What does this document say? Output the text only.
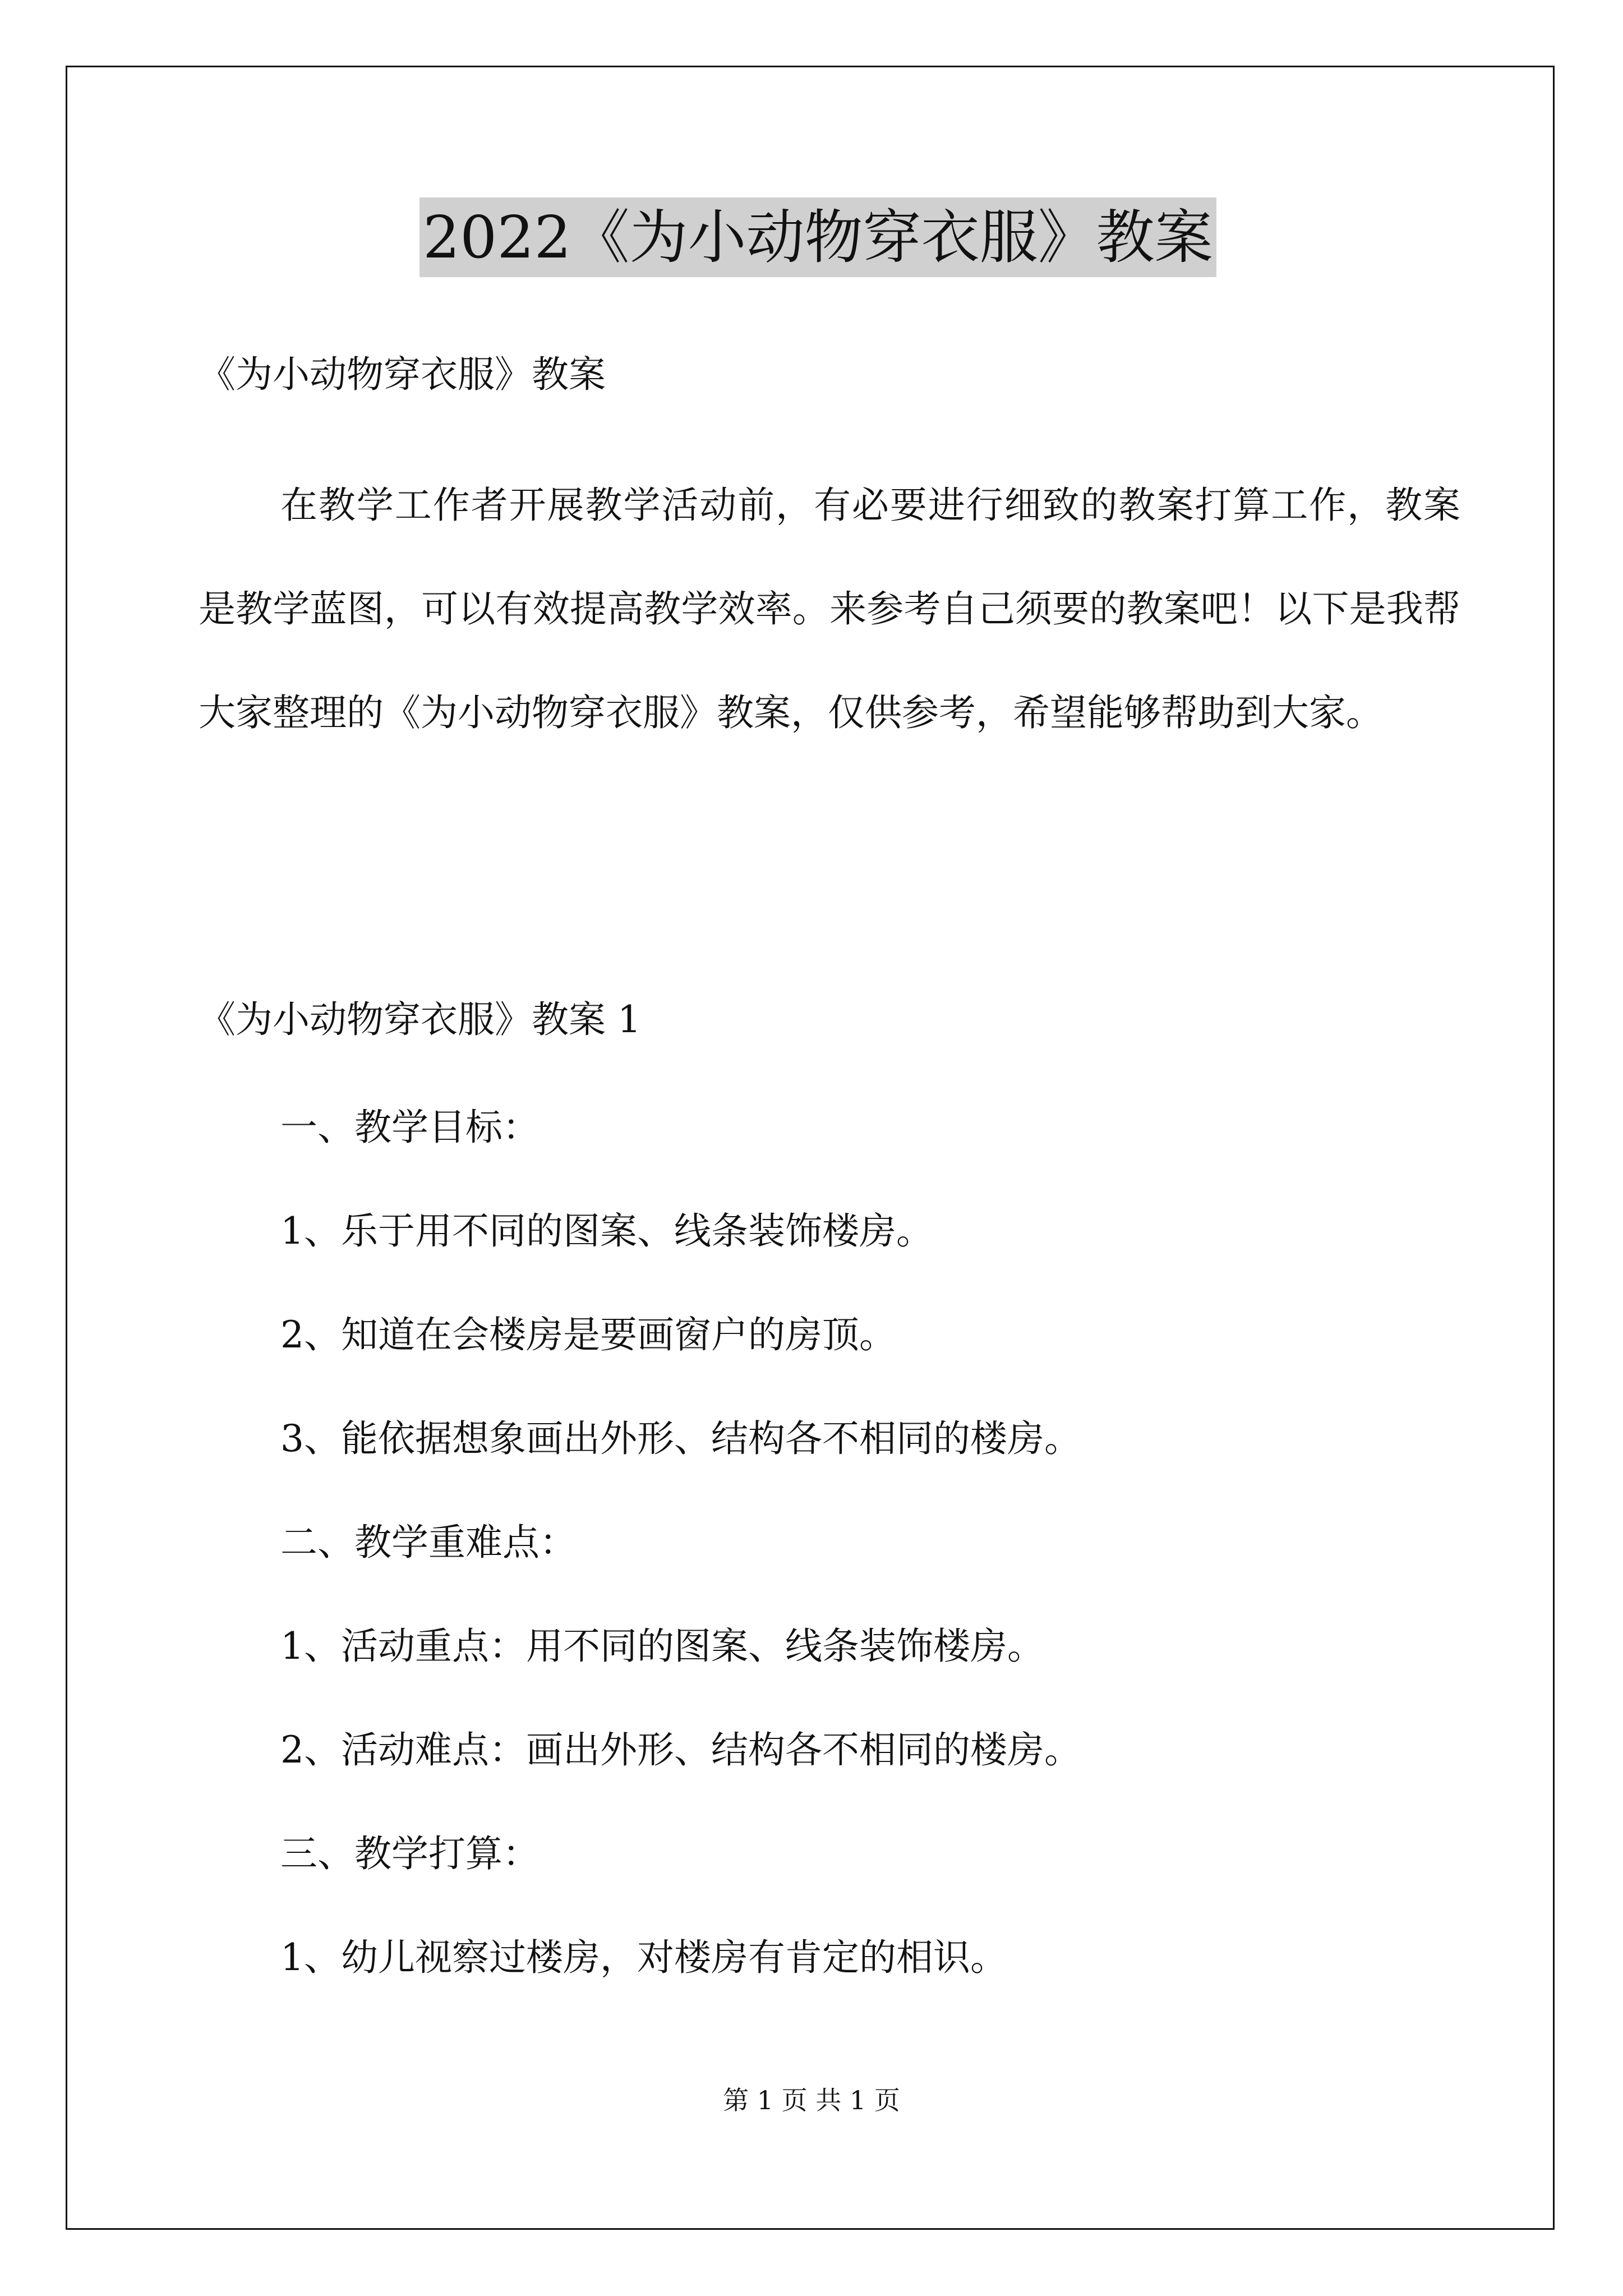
2022《为小动物穿衣服》教案
《为小动物穿衣服》教案
在教学工作者开展教学活动前，有必要进行细致的教案打算工作，教案是教学蓝图，可以有效提高教学效率。来参考自己须要的教案吧！以下是我帮大家整理的《为小动物穿衣服》教案，仅供参考，希望能够帮助到大家。
《为小动物穿衣服》教案 1
一、教学目标：
1、乐于用不同的图案、线条装饰楼房。
2、知道在会楼房是要画窗户的房顶。
3、能依据想象画出外形、结构各不相同的楼房。
二、教学重难点：
1、活动重点：用不同的图案、线条装饰楼房。
2、活动难点：画出外形、结构各不相同的楼房。
三、教学打算：
1、幼儿视察过楼房，对楼房有肯定的相识。
第 1 页 共 1 页
